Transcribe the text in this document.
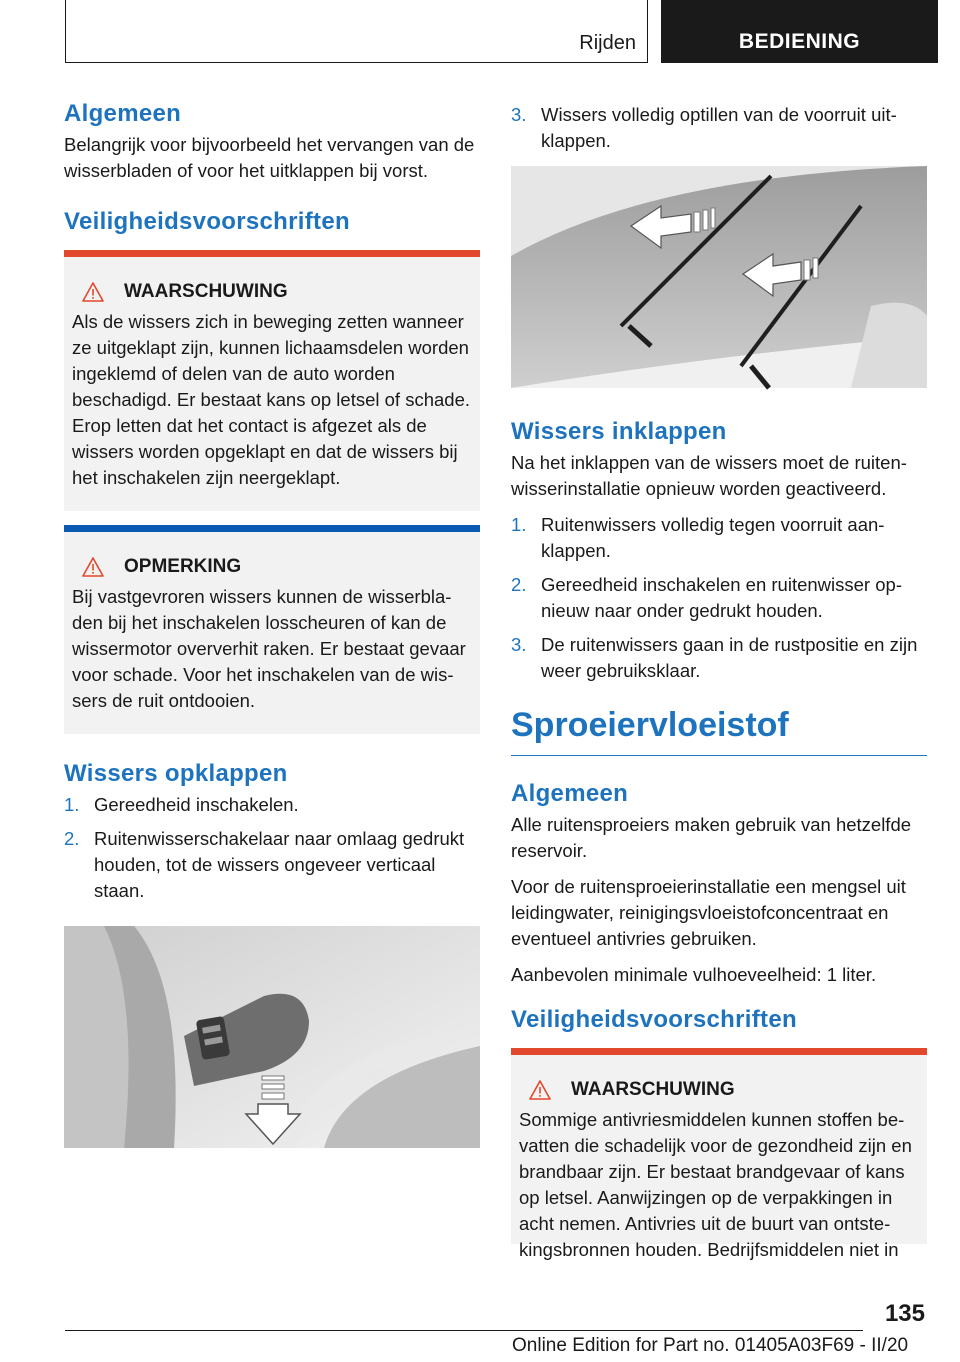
Rijden	BEDIENING
Algemeen

Belangrijk voor bijvoorbeeld het vervangen van de wisserbladen of voor het uitklappen bij vorst.

Veiligheidsvoorschriften
WAARSCHUWING
Als de wissers zich in beweging zetten wanneer ze uitgeklapt zijn, kunnen lichaamsdelen worden ingeklemd of delen van de auto worden beschadigd. Er bestaat kans op letsel of schade. Erop letten dat het contact is afgezet als de wissers worden opgeklapt en dat de wissers bij het inschakelen zijn neergeklapt.
OPMERKING
Bij vastgevroren wissers kunnen de wisserbladen bij het inschakelen losscheuren of kan de wissermotor oververhit raken. Er bestaat gevaar voor schade. Voor het inschakelen van de wissers de ruit ontdooien.
Wissers opklappen
1. Gereedheid inschakelen.
2. Ruitenwisserschakelaar naar omlaag gedrukt houden, tot de wissers ongeveer verticaal staan.
3. Wissers volledig optillen van de voorruit uitklappen.
Wissers inklappen

Na het inklappen van de wissers moet de ruitenwisserinstallatie opnieuw worden geactiveerd.

1. Ruitenwissers volledig tegen voorruit aanklappen.
2. Gereedheid inschakelen en ruitenwisser opnieuw naar onder gedrukt houden.
3. De ruitenwissers gaan in de rustpositie en zijn weer gebruiksklaar.
Sproeiervloeistof
Algemeen

Alle ruitensproeiers maken gebruik van hetzelfde reservoir.

Voor de ruitensproeierinstallatie een mengsel uit leidingwater, reinigingsvloeistofconcentraat en eventueel antivries gebruiken.

Aanbevolen minimale vulhoeveelheid: 1 liter.

Veiligheidsvoorschriften
WAARSCHUWING
Sommige antivriesmiddelen kunnen stoffen bevatten die schadelijk voor de gezondheid zijn en brandbaar zijn. Er bestaat brandgevaar of kans op letsel. Aanwijzingen op de verpakkingen in acht nemen. Antivries uit de buurt van ontstekingsbronnen houden. Bedrijfsmiddelen niet in
135
Online Edition for Part no. 01405A03F69 - II/20
